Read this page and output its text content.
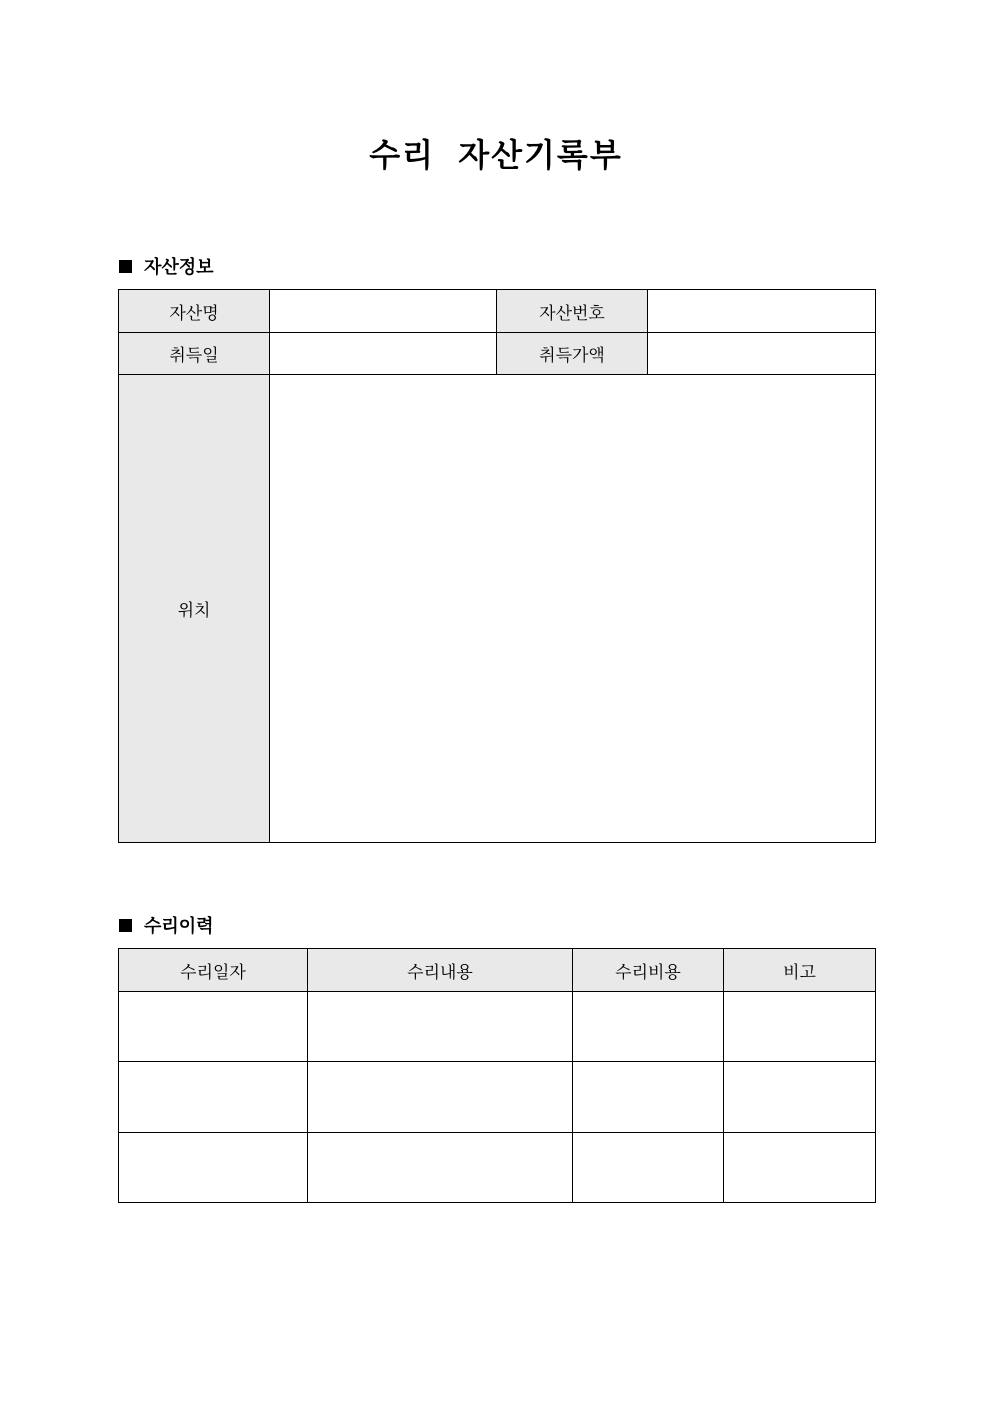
수리 자산기록부
자산정보
자산명		자산번호	
취득일		취득가액	
위치			
수리이력
수리일자	수리내용	수리비용	비고
